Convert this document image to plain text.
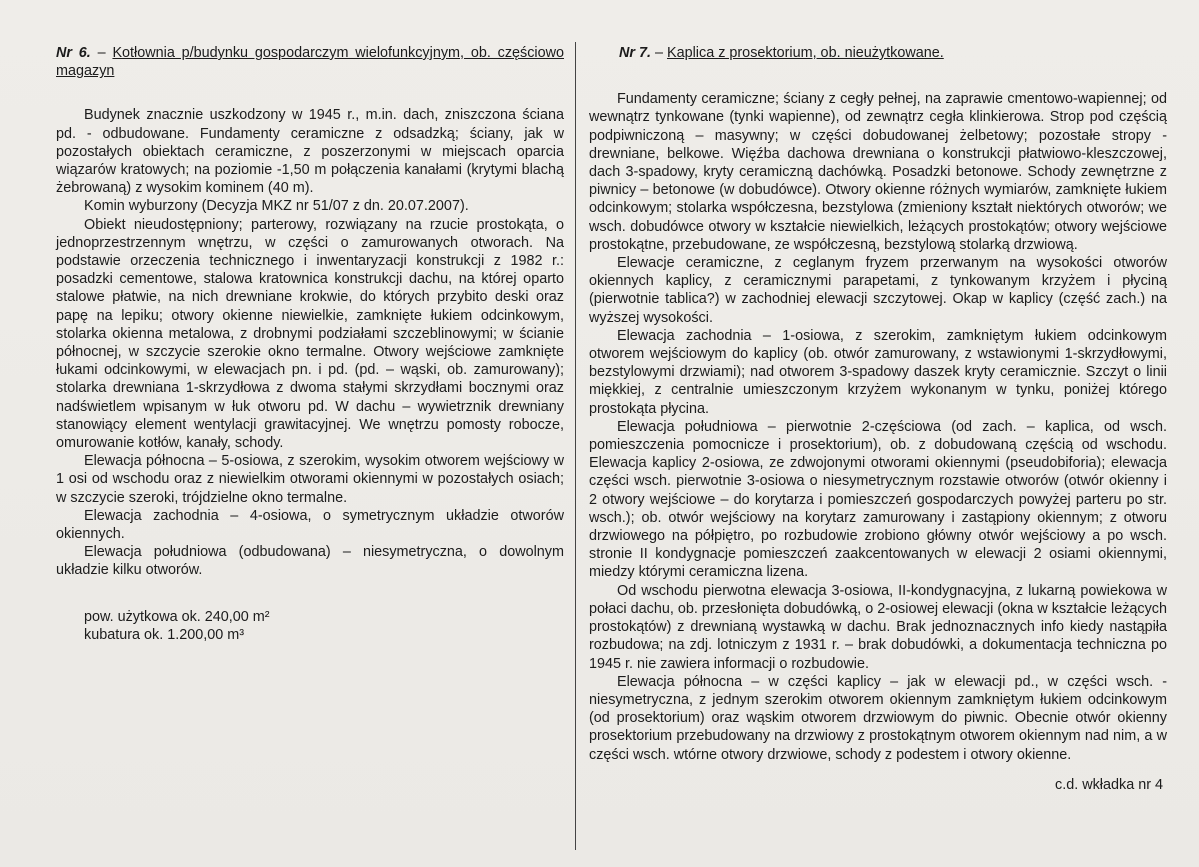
Nr 6. – Kotłownia p/budynku gospodarczym wielofunkcyjnym, ob. częściowo magazyn

Budynek znacznie uszkodzony w 1945 r., m.in. dach, zniszczona ściana pd. - odbudowane. Fundamenty ceramiczne z odsadzką; ściany, jak w pozostałych obiektach ceramiczne, z poszerzonymi w miejscach oparcia wiązarów kratowych; na poziomie -1,50 m połączenia kanałami (krytymi blachą żebrowaną) z wysokim kominem (40 m).

Komin wyburzony (Decyzja MKZ nr 51/07 z dn. 20.07.2007).

Obiekt nieudostępniony; parterowy, rozwiązany na rzucie prostokąta, o jednoprzestrzennym wnętrzu, w części o zamurowanych otworach. Na podstawie orzeczenia technicznego i inwentaryzacji konstrukcji z 1982 r.: posadzki cementowe, stalowa kratownica konstrukcji dachu, na której oparto stalowe płatwie, na nich drewniane krokwie, do których przybito deski oraz papę na lepiku; otwory okienne niewielkie, zamknięte łukiem odcinkowym, stolarka okienna metalowa, z drobnymi podziałami szczeblinowymi; w ścianie północnej, w szczycie szerokie okno termalne. Otwory wejściowe zamknięte łukami odcinkowymi, w elewacjach pn. i pd. (pd. – wąski, ob. zamurowany); stolarka drewniana 1-skrzydłowa z dwoma stałymi skrzydłami bocznymi oraz nadświetlem wpisanym w łuk otworu pd. W dachu – wywietrznik drewniany stanowiący element wentylacji grawitacyjnej. We wnętrzu pomosty robocze, omurowanie kotłów, kanały, schody.

Elewacja północna – 5-osiowa, z szerokim, wysokim otworem wejściowy w 1 osi od wschodu oraz z niewielkim otworami okiennymi w pozostałych osiach; w szczycie szeroki, trójdzielne okno termalne.

Elewacja zachodnia – 4-osiowa, o symetrycznym układzie otworów okiennych.

Elewacja południowa (odbudowana) – niesymetryczna, o dowolnym układzie kilku otworów.

pow. użytkowa ok. 240,00 m²
kubatura ok. 1.200,00 m³
Nr 7. – Kaplica z prosektorium, ob. nieużytkowane.

Fundamenty ceramiczne; ściany z cegły pełnej, na zaprawie cmentowo-wapiennej; od wewnątrz tynkowane (tynki wapienne), od zewnątrz cegła klinkierowa. Strop pod częścią podpiwniczoną – masywny; w części dobudowanej żelbetowy; pozostałe stropy - drewniane, belkowe. Więźba dachowa drewniana o konstrukcji płatwiowo-kleszczowej, dach 3-spadowy, kryty ceramiczną dachówką. Posadzki betonowe. Schody zewnętrzne z piwnicy – betonowe (w dobudówce). Otwory okienne różnych wymiarów, zamknięte łukiem odcinkowym; stolarka współczesna, bezstylowa (zmieniony kształt niektórych otworów; we wsch. dobudówce otwory w kształcie niewielkich, leżących prostokątów; otwory wejściowe prostokątne, przebudowane, ze współczesną, bezstylową stolarką drzwiową.

Elewacje ceramiczne, z ceglanym fryzem przerwanym na wysokości otworów okiennych kaplicy, z ceramicznymi parapetami, z tynkowanym krzyżem i płyciną (pierwotnie tablica?) w zachodniej elewacji szczytowej. Okap w kaplicy (część zach.) na wyższej wysokości.

Elewacja zachodnia – 1-osiowa, z szerokim, zamkniętym łukiem odcinkowym otworem wejściowym do kaplicy (ob. otwór zamurowany, z wstawionymi 1-skrzydłowymi, bezstylowymi drzwiami); nad otworem 3-spadowy daszek kryty ceramicznie. Szczyt o linii miękkiej, z centralnie umieszczonym krzyżem wykonanym w tynku, poniżej którego prostokąta płycina.

Elewacja południowa – pierwotnie 2-częściowa (od zach. – kaplica, od wsch. pomieszczenia pomocnicze i prosektorium), ob. z dobudowaną częścią od wschodu. Elewacja kaplicy 2-osiowa, ze zdwojonymi otworami okiennymi (pseudobiforia); elewacja części wsch. pierwotnie 3-osiowa o niesymetrycznym rozstawie otworów (otwór okienny i 2 otwory wejściowe – do korytarza i pomieszczeń gospodarczych powyżej parteru po str. wsch.); ob. otwór wejściowy na korytarz zamurowany i zastąpiony okiennym; z otworu drzwiowego na półpiętro, po rozbudowie zrobiono główny otwór wejściowy a po wsch. stronie II kondygnacje pomieszczeń zaakcentowanych w elewacji 2 osiami okiennymi, miedzy którymi ceramiczna lizena.

Od wschodu pierwotna elewacja 3-osiowa, II-kondygnacyjna, z lukarną powiekowa w połaci dachu, ob. przesłonięta dobudówką, o 2-osiowej elewacji (okna w kształcie leżących prostokątów) z drewnianą wystawką w dachu. Brak jednoznacznych info kiedy nastąpiła rozbudowa; na zdj. lotniczym z 1931 r. – brak dobudówki, a dokumentacja techniczna po 1945 r. nie zawiera informacji o rozbudowie.

Elewacja północna – w części kaplicy – jak w elewacji pd., w części wsch. - niesymetryczna, z jednym szerokim otworem okiennym zamkniętym łukiem odcinkowym (od prosektorium) oraz wąskim otworem drzwiowym do piwnic. Obecnie otwór okienny prosektorium przebudowany na drzwiowy z prostokątnym otworem okiennym nad nim, a w części wsch. wtórne otwory drzwiowe, schody z podestem i otwory okienne.

c.d. wkładka nr 4
